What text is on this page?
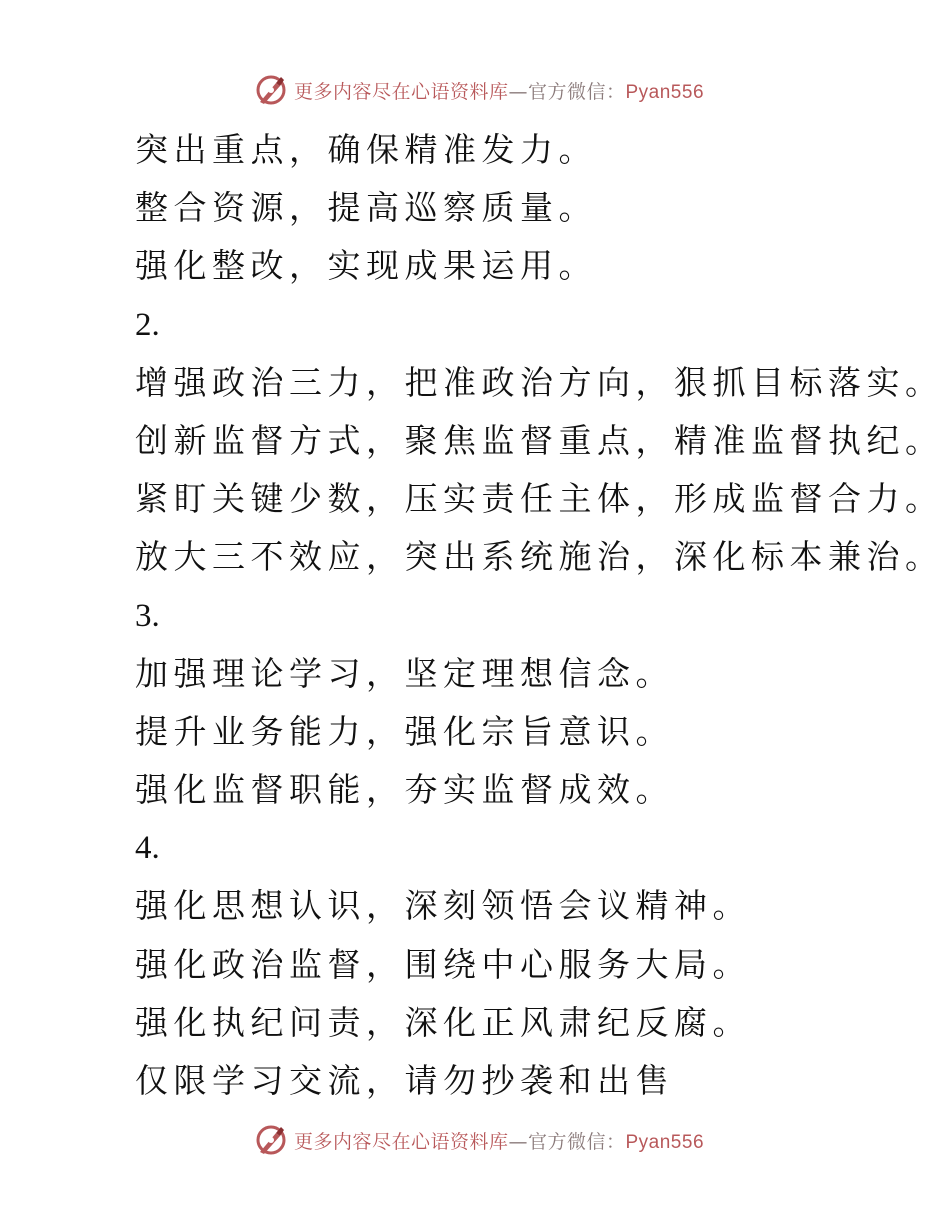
更多内容尽在心语资料库—官方微信：Pyan556
突出重点，确保精准发力。
整合资源，提高巡察质量。
强化整改，实现成果运用。
2.
增强政治三力，把准政治方向，狠抓目标落实。
创新监督方式，聚焦监督重点，精准监督执纪。
紧盯关键少数，压实责任主体，形成监督合力。
放大三不效应，突出系统施治，深化标本兼治。
3.
加强理论学习，坚定理想信念。
提升业务能力，强化宗旨意识。
强化监督职能，夯实监督成效。
4.
强化思想认识，深刻领悟会议精神。
强化政治监督，围绕中心服务大局。
强化执纪问责，深化正风肃纪反腐。
仅限学习交流，请勿抄袭和出售
更多内容尽在心语资料库—官方微信：Pyan556
